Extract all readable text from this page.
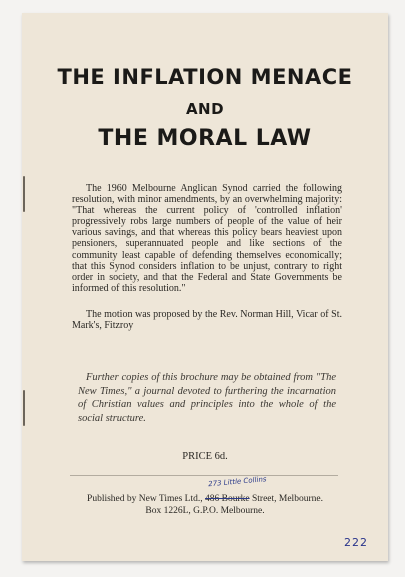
THE INFLATION MENACE
AND
THE MORAL LAW
The 1960 Melbourne Anglican Synod carried the following resolution, with minor amendments, by an overwhelming majority: "That whereas the current policy of 'controlled inflation' progressively robs large numbers of people of the value of heir various savings, and that whereas this policy bears heaviest upon pensioners, superannuated people and like sections of the community least capable of defending themselves economically; that this Synod considers inflation to be unjust, contrary to right order in society, and that the Federal and State Governments be informed of this resolution."
The motion was proposed by the Rev. Norman Hill, Vicar of St. Mark's, Fitzroy
Further copies of this brochure may be obtained from "The New Times," a journal devoted to furthering the incarnation of Christian values and principles into the whole of the social structure.
PRICE 6d.
273 Little Collins
Published by New Times Ltd., 486 Bourke Street, Melbourne.
Box 1226L, G.P.O. Melbourne.
222
